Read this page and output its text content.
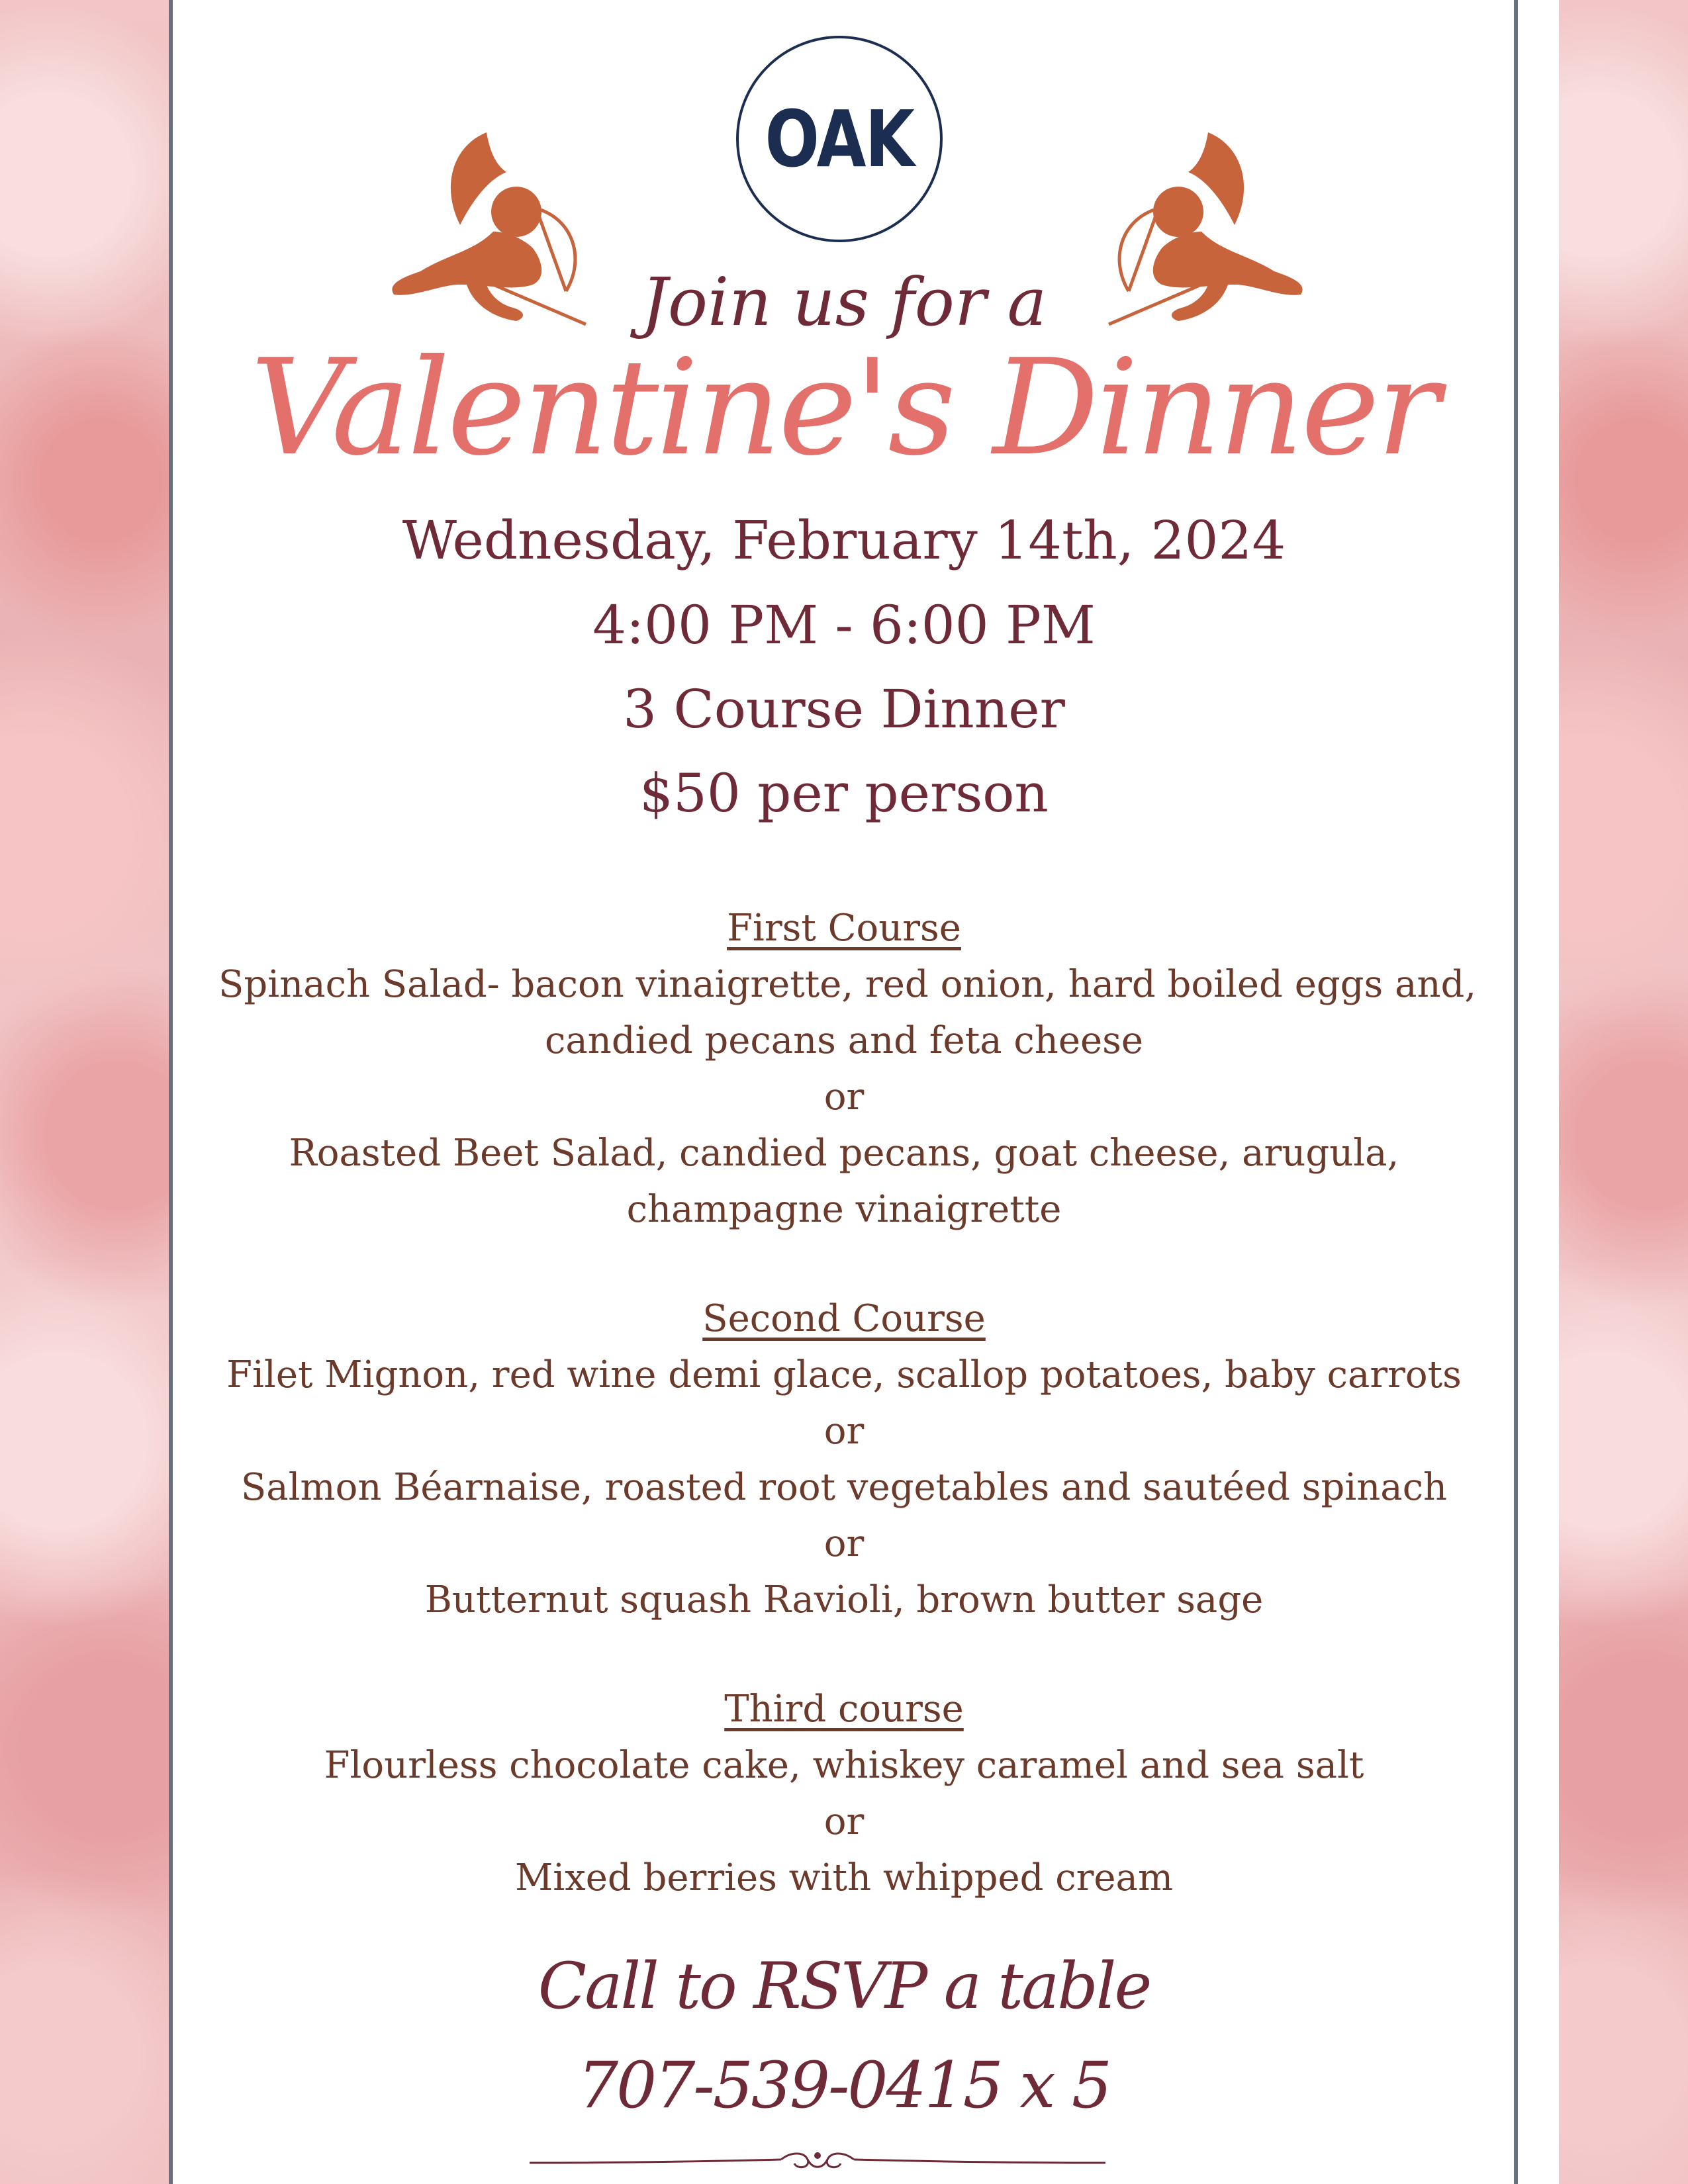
OAK
Join us for a
Valentine's Dinner
Wednesday, February 14th, 2024
4:00 PM - 6:00 PM
3 Course Dinner
$50 per person
First Course
Spinach Salad- bacon vinaigrette, red onion, hard boiled eggs and,
candied pecans and feta cheese
or
Roasted Beet Salad, candied pecans, goat cheese, arugula,
champagne vinaigrette
Second Course
Filet Mignon, red wine demi glace, scallop potatoes, baby carrots
or
Salmon Béarnaise, roasted root vegetables and sautéed spinach
or
Butternut squash Ravioli, brown butter sage
Third course
Flourless chocolate cake, whiskey caramel and sea salt
or
Mixed berries with whipped cream
Call to RSVP a table
707-539-0415 x 5
